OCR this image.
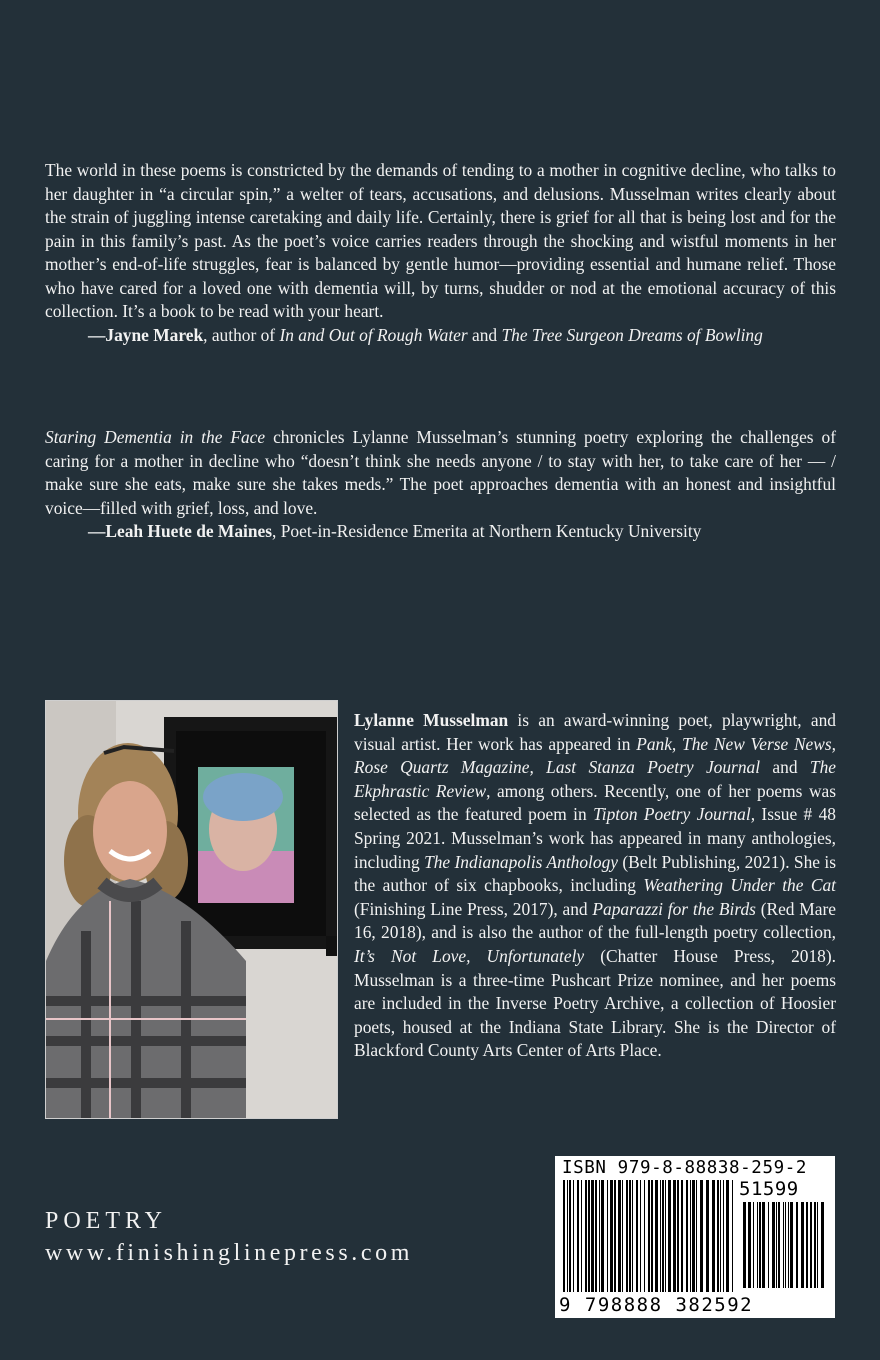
The world in these poems is constricted by the demands of tending to a mother in cognitive decline, who talks to her daughter in “a circular spin,” a welter of tears, accusations, and delusions. Musselman writes clearly about the strain of juggling intense caretaking and daily life. Certainly, there is grief for all that is being lost and for the pain in this family’s past. As the poet’s voice carries readers through the shocking and wistful moments in her mother’s end-of-life struggles, fear is balanced by gentle humor—providing essential and humane relief. Those who have cared for a loved one with dementia will, by turns, shudder or nod at the emotional accuracy of this collection. It’s a book to be read with your heart.

—Jayne Marek, author of In and Out of Rough Water and The Tree Surgeon Dreams of Bowling

Staring Dementia in the Face chronicles Lylanne Musselman’s stunning poetry exploring the challenges of caring for a mother in decline who “doesn’t think she needs anyone / to stay with her, to take care of her — / make sure she eats, make sure she takes meds.” The poet approaches dementia with an honest and insightful voice—filled with grief, loss, and love.

—Leah Huete de Maines, Poet-in-Residence Emerita at Northern Kentucky University

Lylanne Musselman is an award-winning poet, playwright, and visual artist. Her work has appeared in Pank, The New Verse News, Rose Quartz Magazine, Last Stanza Poetry Journal and The Ekphrastic Review, among others. Recently, one of her poems was selected as the featured poem in Tipton Poetry Journal, Issue # 48 Spring 2021. Musselman’s work has appeared in many anthologies, including The Indianapolis Anthology (Belt Publishing, 2021). She is the author of six chapbooks, including Weathering Under the Cat (Finishing Line Press, 2017), and Paparazzi for the Birds (Red Mare 16, 2018), and is also the author of the full-length poetry collection, It’s Not Love, Unfortunately (Chatter House Press, 2018). Musselman is a three-time Pushcart Prize nominee, and her poems are included in the Inverse Poetry Archive, a collection of Hoosier poets, housed at the Indiana State Library. She is the Director of Blackford County Arts Center of Arts Place.

POETRY
www.finishinglinepress.com
ISBN 979-8-88838-259-2
51599
9 798888 382592
